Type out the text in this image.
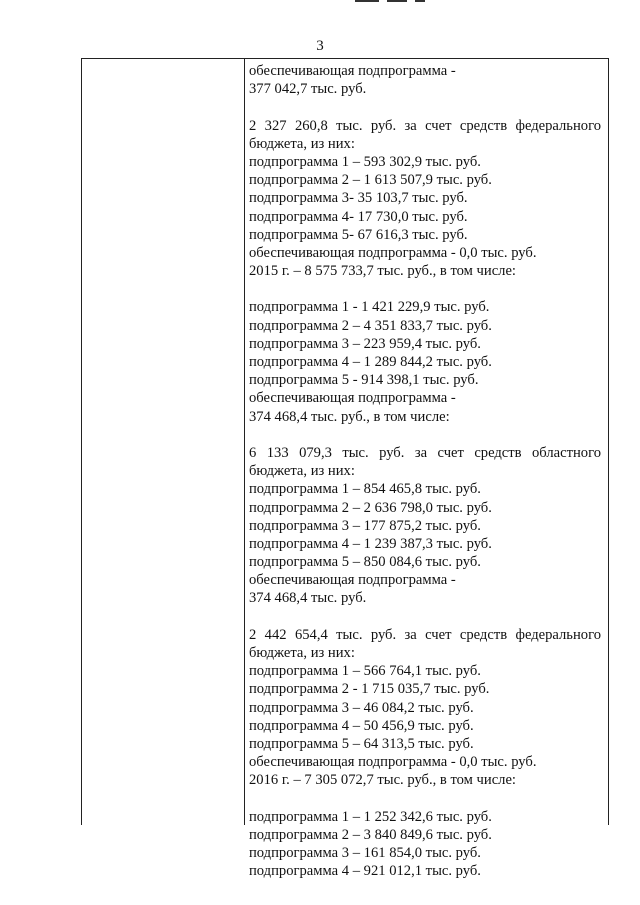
3
обеспечивающая подпрограмма -
377 042,7 тыс. руб.
2 327 260,8 тыс. руб. за счет средств федерального
бюджета, из них:
подпрограмма 1 – 593 302,9 тыс. руб.
подпрограмма 2 – 1 613 507,9 тыс. руб.
подпрограмма 3- 35 103,7 тыс. руб.
подпрограмма 4- 17 730,0 тыс. руб.
подпрограмма 5- 67 616,3 тыс. руб.
обеспечивающая подпрограмма - 0,0 тыс. руб.
2015 г. – 8 575 733,7 тыс. руб., в том числе:
подпрограмма 1 - 1 421 229,9 тыс. руб.
подпрограмма 2 – 4 351 833,7 тыс. руб.
подпрограмма 3 – 223 959,4 тыс. руб.
подпрограмма 4 – 1 289 844,2 тыс. руб.
подпрограмма 5 - 914 398,1 тыс. руб.
обеспечивающая подпрограмма -
374 468,4 тыс. руб., в том числе:
6 133 079,3 тыс. руб. за счет средств областного
бюджета, из них:
подпрограмма 1 – 854 465,8 тыс. руб.
подпрограмма 2 – 2 636 798,0 тыс. руб.
подпрограмма 3 – 177 875,2 тыс. руб.
подпрограмма 4 – 1 239 387,3 тыс. руб.
подпрограмма 5 – 850 084,6 тыс. руб.
обеспечивающая подпрограмма -
374 468,4 тыс. руб.
2 442 654,4 тыс. руб. за счет средств федерального
бюджета, из них:
подпрограмма 1 – 566 764,1 тыс. руб.
подпрограмма 2 - 1 715 035,7 тыс. руб.
подпрограмма 3 – 46 084,2 тыс. руб.
подпрограмма 4 – 50 456,9 тыс. руб.
подпрограмма 5 – 64 313,5 тыс. руб.
обеспечивающая подпрограмма - 0,0 тыс. руб.
2016 г. – 7 305 072,7 тыс. руб., в том числе:
подпрограмма 1 – 1 252 342,6 тыс. руб.
подпрограмма 2 – 3 840 849,6 тыс. руб.
подпрограмма 3 – 161 854,0 тыс. руб.
подпрограмма 4 – 921 012,1 тыс. руб.
